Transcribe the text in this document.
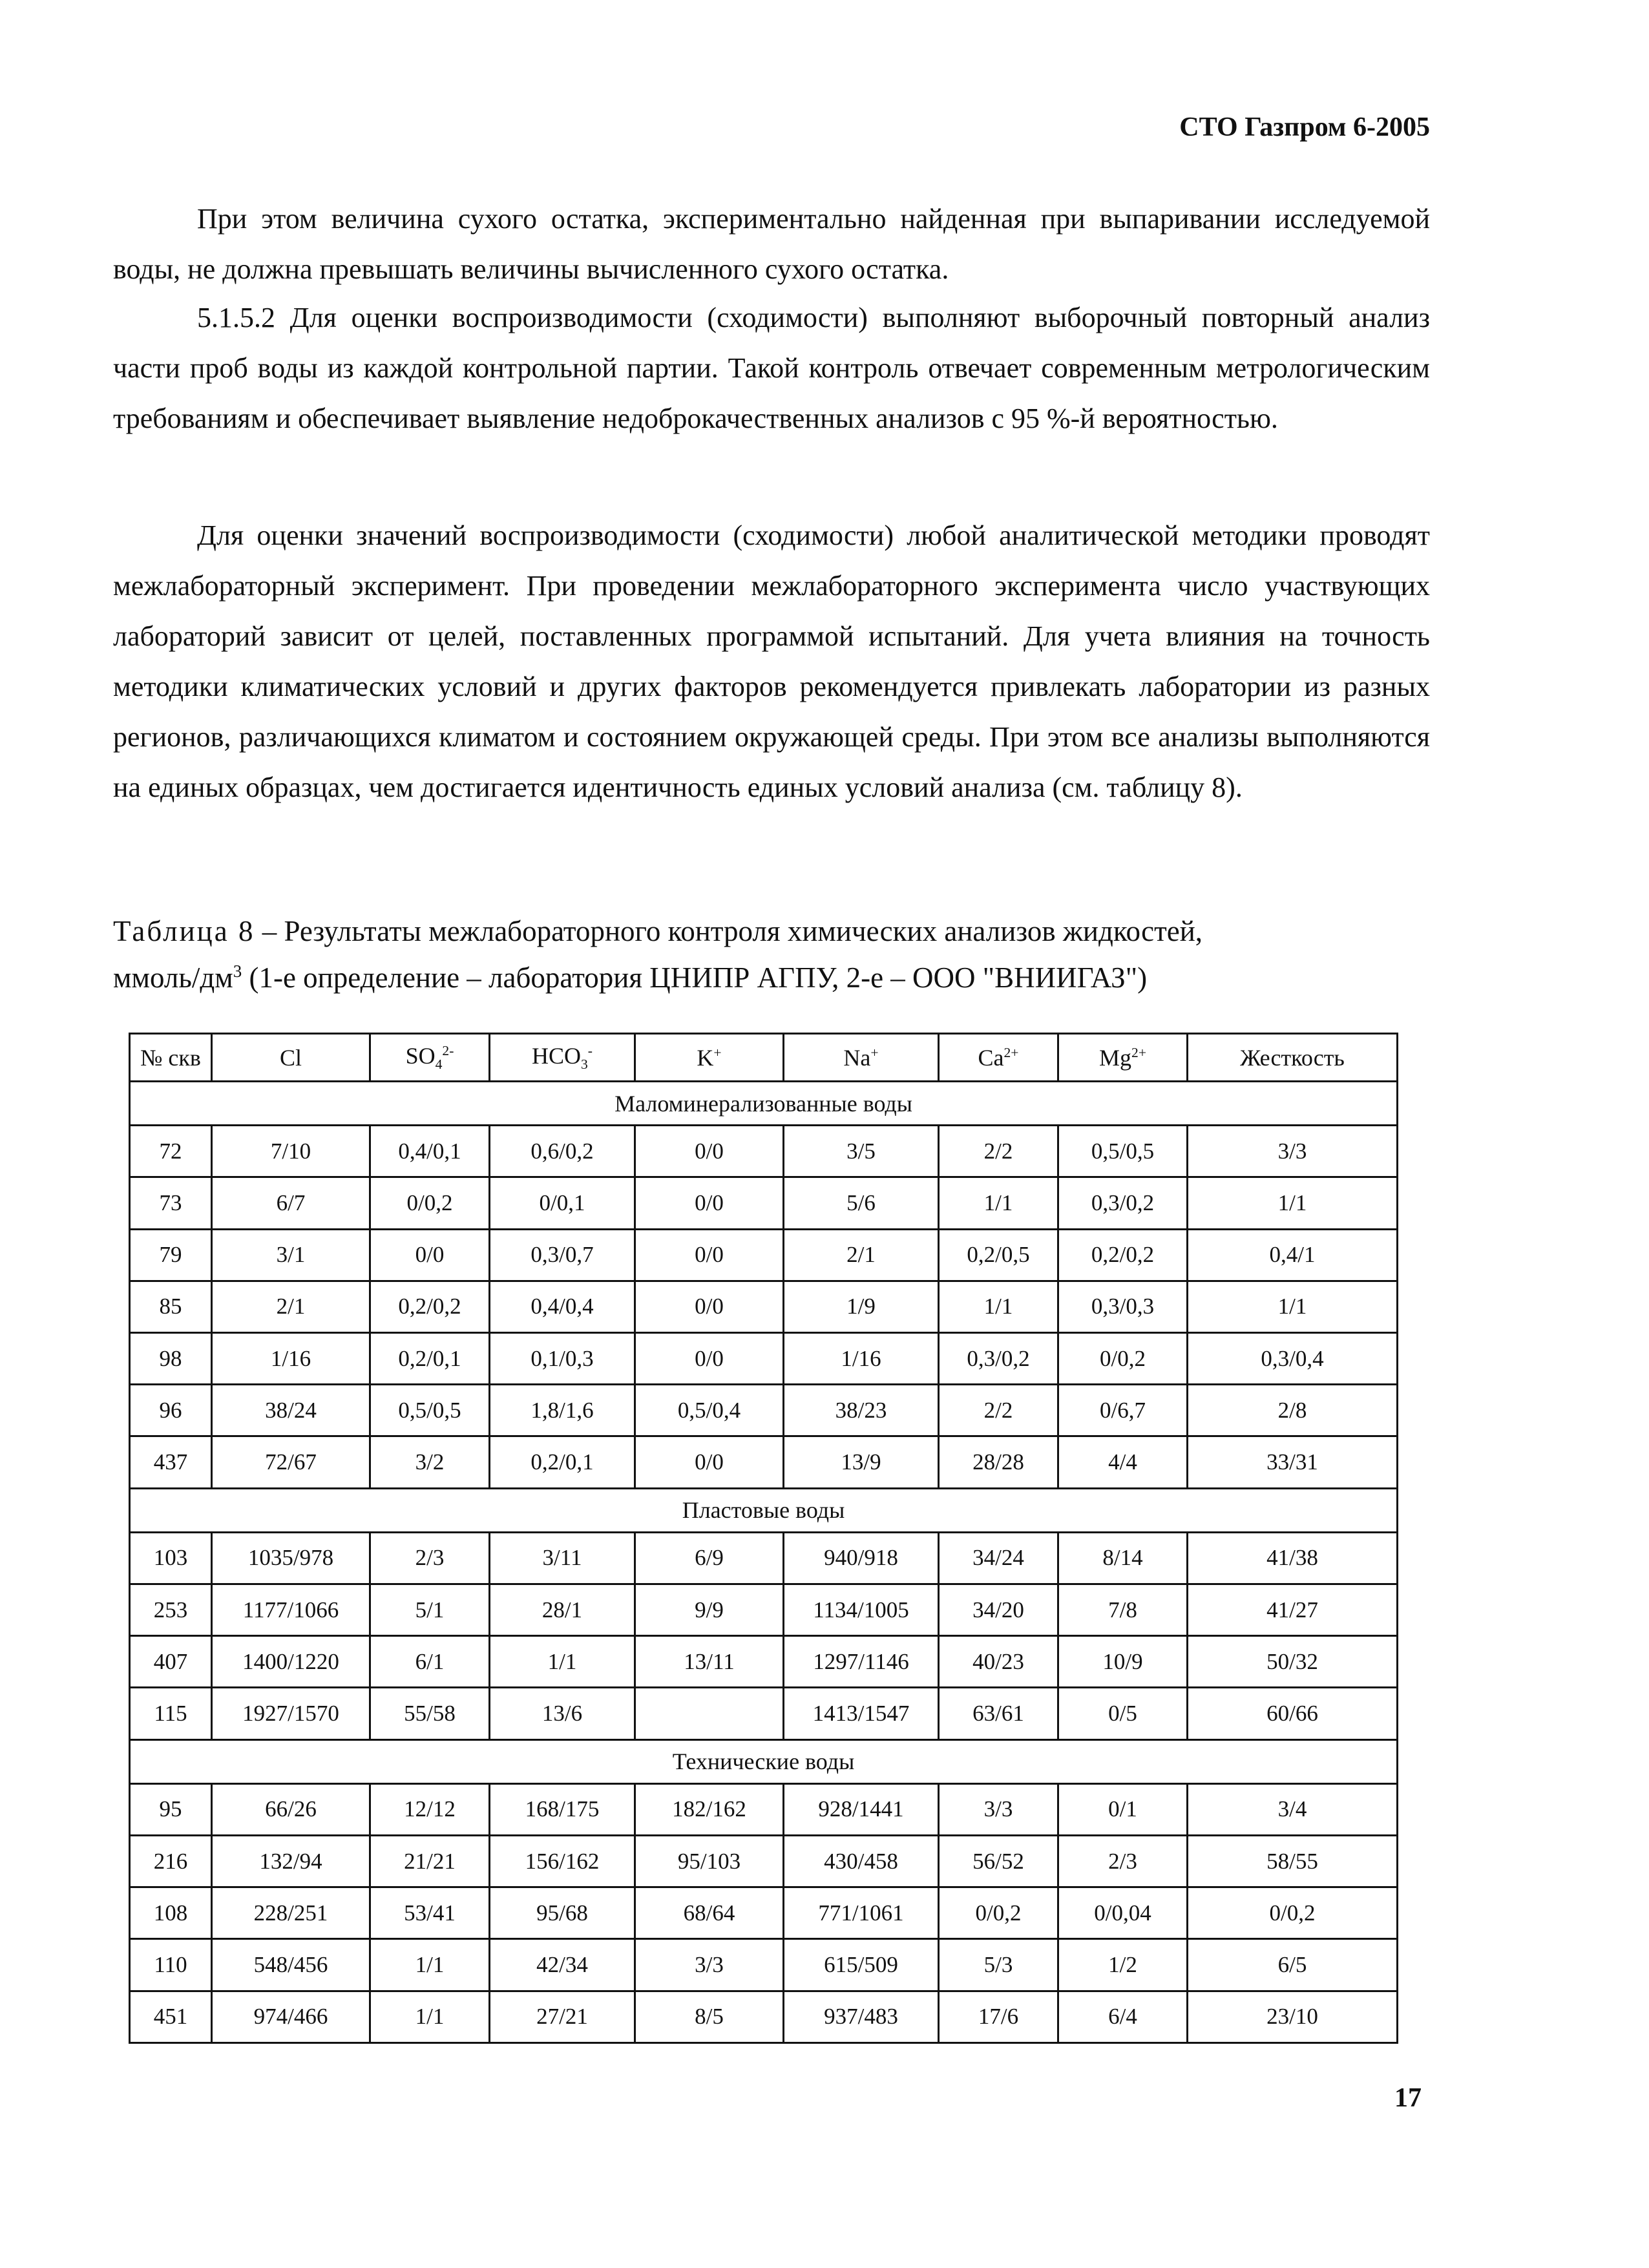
СТО Газпром 6-2005

При этом величина сухого остатка, экспериментально найденная при выпаривании исследуемой воды, не должна превышать величины вычисленного сухого остатка.

5.1.5.2 Для оценки воспроизводимости (сходимости) выполняют выборочный повторный анализ части проб воды из каждой контрольной партии. Такой контроль отвечает современным метрологическим требованиям и обеспечивает выявление недоброкачественных анализов с 95 %-й вероятностью.

Для оценки значений воспроизводимости (сходимости) любой аналитической методики проводят межлабораторный эксперимент. При проведении межлабораторного эксперимента число участвующих лабораторий зависит от целей, поставленных программой испытаний. Для учета влияния на точность методики климатических условий и других факторов рекомендуется привлекать лаборатории из разных регионов, различающихся климатом и состоянием окружающей среды. При этом все анализы выполняются на единых образцах, чем достигается идентичность единых условий анализа (см. таблицу 8).

Таблица 8 – Результаты межлабораторного контроля химических анализов жидкостей,
ммоль/$дм^3$ (1-е определение – лаборатория ЦНИПР АГПУ, 2-е – ООО "ВНИИГАЗ")
№ скв	Cl	$SO_4^{2-}$	$HCO_3^-$	K+	Na+	$Ca^{2+}$	$Mg^{2+}$	Жесткость
Маломинерализованные воды								
72	7/10	0,4/0,1	0,6/0,2	0/0	3/5	2/2	0,5/0,5	3/3
73	6/7	0/0,2	0/0,1	0/0	5/6	1/1	0,3/0,2	1/1
79	3/1	0/0	0,3/0,7	0/0	2/1	0,2/0,5	0,2/0,2	0,4/1
85	2/1	0,2/0,2	0,4/0,4	0/0	1/9	1/1	0,3/0,3	1/1
98	1/16	0,2/0,1	0,1/0,3	0/0	1/16	0,3/0,2	0/0,2	0,3/0,4
96	38/24	0,5/0,5	1,8/1,6	0,5/0,4	38/23	2/2	0/6,7	2/8
437	72/67	3/2	0,2/0,1	0/0	13/9	28/28	4/4	33/31
Пластовые воды								
103	1035/978	2/3	3/11	6/9	940/918	34/24	8/14	41/38
253	1177/1066	5/1	28/1	9/9	1134/1005	34/20	7/8	41/27
407	1400/1220	6/1	1/1	13/11	1297/1146	40/23	10/9	50/32
115	1927/1570	55/58	13/6		1413/1547	63/61	0/5	60/66
Технические воды								
95	66/26	12/12	168/175	182/162	928/1441	3/3	0/1	3/4
216	132/94	21/21	156/162	95/103	430/458	56/52	2/3	58/55
108	228/251	53/41	95/68	68/64	771/1061	0/0,2	0/0,04	0/0,2
110	548/456	1/1	42/34	3/3	615/509	5/3	1/2	6/5
451	974/466	1/1	27/21	8/5	937/483	17/6	6/4	23/10
17
